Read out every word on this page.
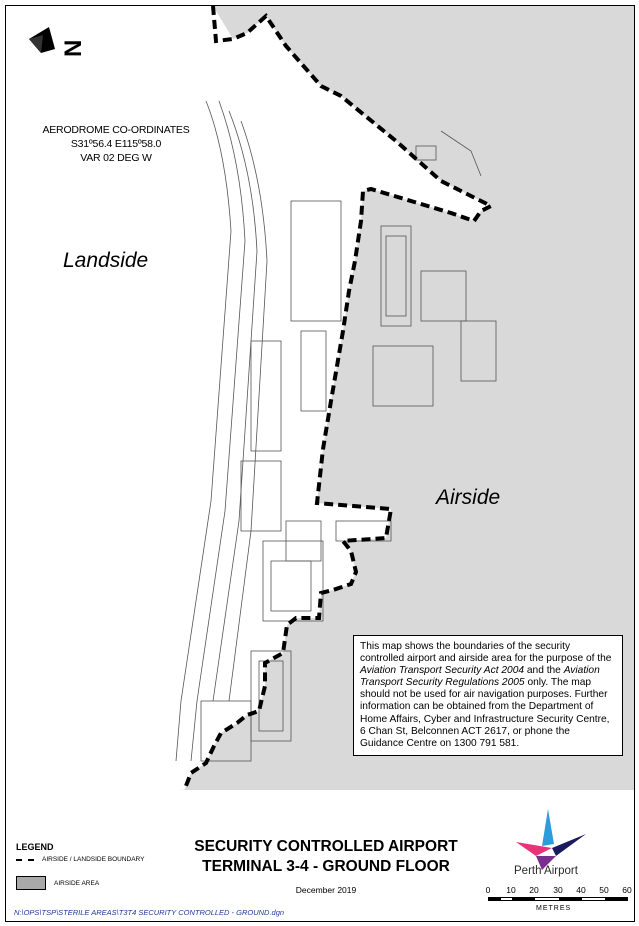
N
AERODROME CO-ORDINATES
S31º56.4 E115º58.0
VAR 02 DEG W
Landside
Airside
This map shows the boundaries of the security controlled airport and airside area for the purpose of the Aviation Transport Security Act 2004 and the Aviation Transport Security Regulations 2005 only. The map should not be used for air navigation purposes. Further information can be obtained from the Department of Home Affairs, Cyber and Infrastructure Security Centre, 6 Chan St, Belconnen ACT 2617, or phone the Guidance Centre on 1300 791 581.
LEGEND
AIRSIDE / LANDSIDE BOUNDARY
AIRSIDE AREA
SECURITY CONTROLLED AIRPORT
TERMINAL 3-4 - GROUND FLOOR
December 2019
Perth Airport
0 10 20 30 40 50 60
METRES
N:\OPS\TSP\STERILE AREAS\T3T4 SECURITY CONTROLLED - GROUND.dgn
